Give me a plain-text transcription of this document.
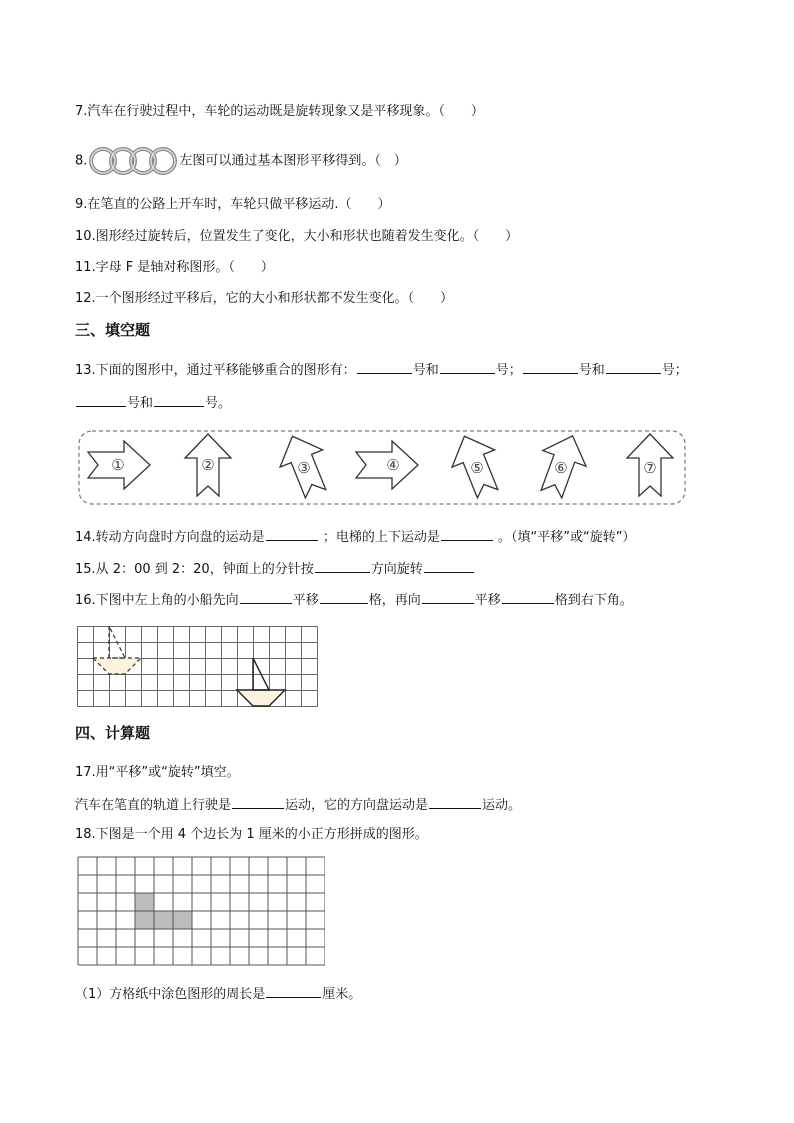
7.汽车在行驶过程中，车轮的运动既是旋转现象又是平移现象。（　　）
8.	左图可以通过基本图形平移得到。（　）
9.在笔直的公路上开车时，车轮只做平移运动.（　　）
10.图形经过旋转后，位置发生了变化，大小和形状也随着发生变化。（　　）
11.字母 F 是轴对称图形。（　　）
12.一个图形经过平移后，它的大小和形状都不发生变化。（　　）
三、填空题
13.下面的图形中，通过平移能够重合的图形有：	号和	号；	号和	号；
号和	号。
①	②	③	④	⑤	⑥	⑦
14.转动方向盘时方向盘的运动是	；电梯的上下运动是	。（填“平移”或“旋转”）
15.从 2：00 到 2：20，钟面上的分针按	方向旋转
16.下图中左上角的小船先向	平移	格，再向	平移	格到右下角。
四、计算题
17.用“平移”或“旋转”填空。
汽车在笔直的轨道上行驶是	运动，它的方向盘运动是	运动。
18.下图是一个用 4 个边长为 1 厘米的小正方形拼成的图形。
（1）方格纸中涂色图形的周长是	厘米。
